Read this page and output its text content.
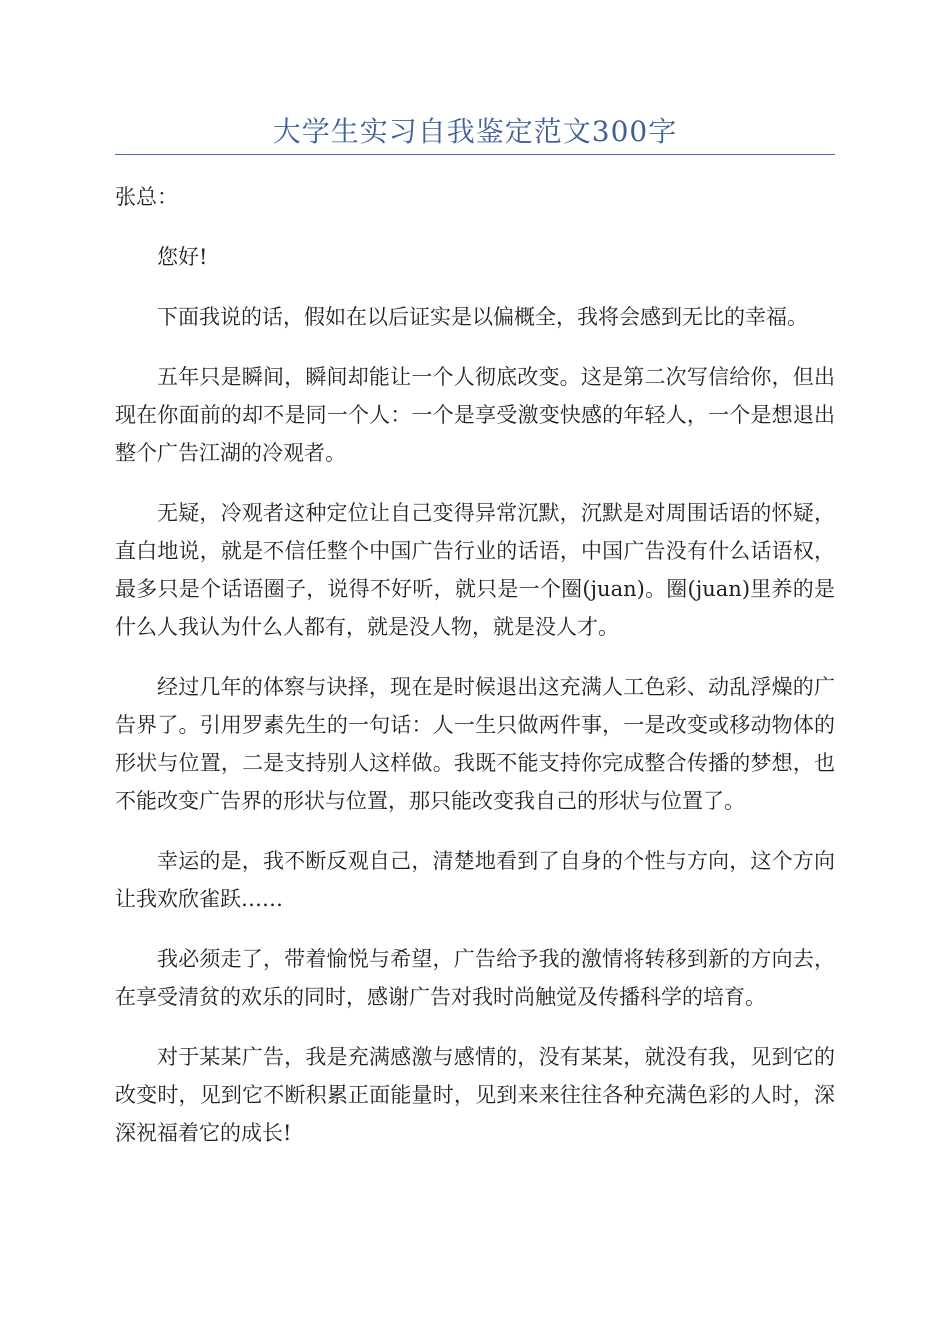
大学生实习自我鉴定范文300字

张总：

您好!

下面我说的话，假如在以后证实是以偏概全，我将会感到无比的幸福。

五年只是瞬间，瞬间却能让一个人彻底改变。这是第二次写信给你，但出现在你面前的却不是同一个人：一个是享受激变快感的年轻人，一个是想退出整个广告江湖的冷观者。

无疑，冷观者这种定位让自己变得异常沉默，沉默是对周围话语的怀疑，直白地说，就是不信任整个中国广告行业的话语，中国广告没有什么话语权，最多只是个话语圈子，说得不好听，就只是一个圈(juan)。圈(juan)里养的是什么人我认为什么人都有，就是没人物，就是没人才。

经过几年的体察与诀择，现在是时候退出这充满人工色彩、动乱浮燥的广告界了。引用罗素先生的一句话：人一生只做两件事，一是改变或移动物体的形状与位置，二是支持别人这样做。我既不能支持你完成整合传播的梦想，也不能改变广告界的形状与位置，那只能改变我自己的形状与位置了。

幸运的是，我不断反观自己，清楚地看到了自身的个性与方向，这个方向让我欢欣雀跃……

我必须走了，带着愉悦与希望，广告给予我的激情将转移到新的方向去，在享受清贫的欢乐的同时，感谢广告对我时尚触觉及传播科学的培育。

对于某某广告，我是充满感激与感情的，没有某某，就没有我，见到它的改变时，见到它不断积累正面能量时，见到来来往往各种充满色彩的人时，深深祝福着它的成长!
